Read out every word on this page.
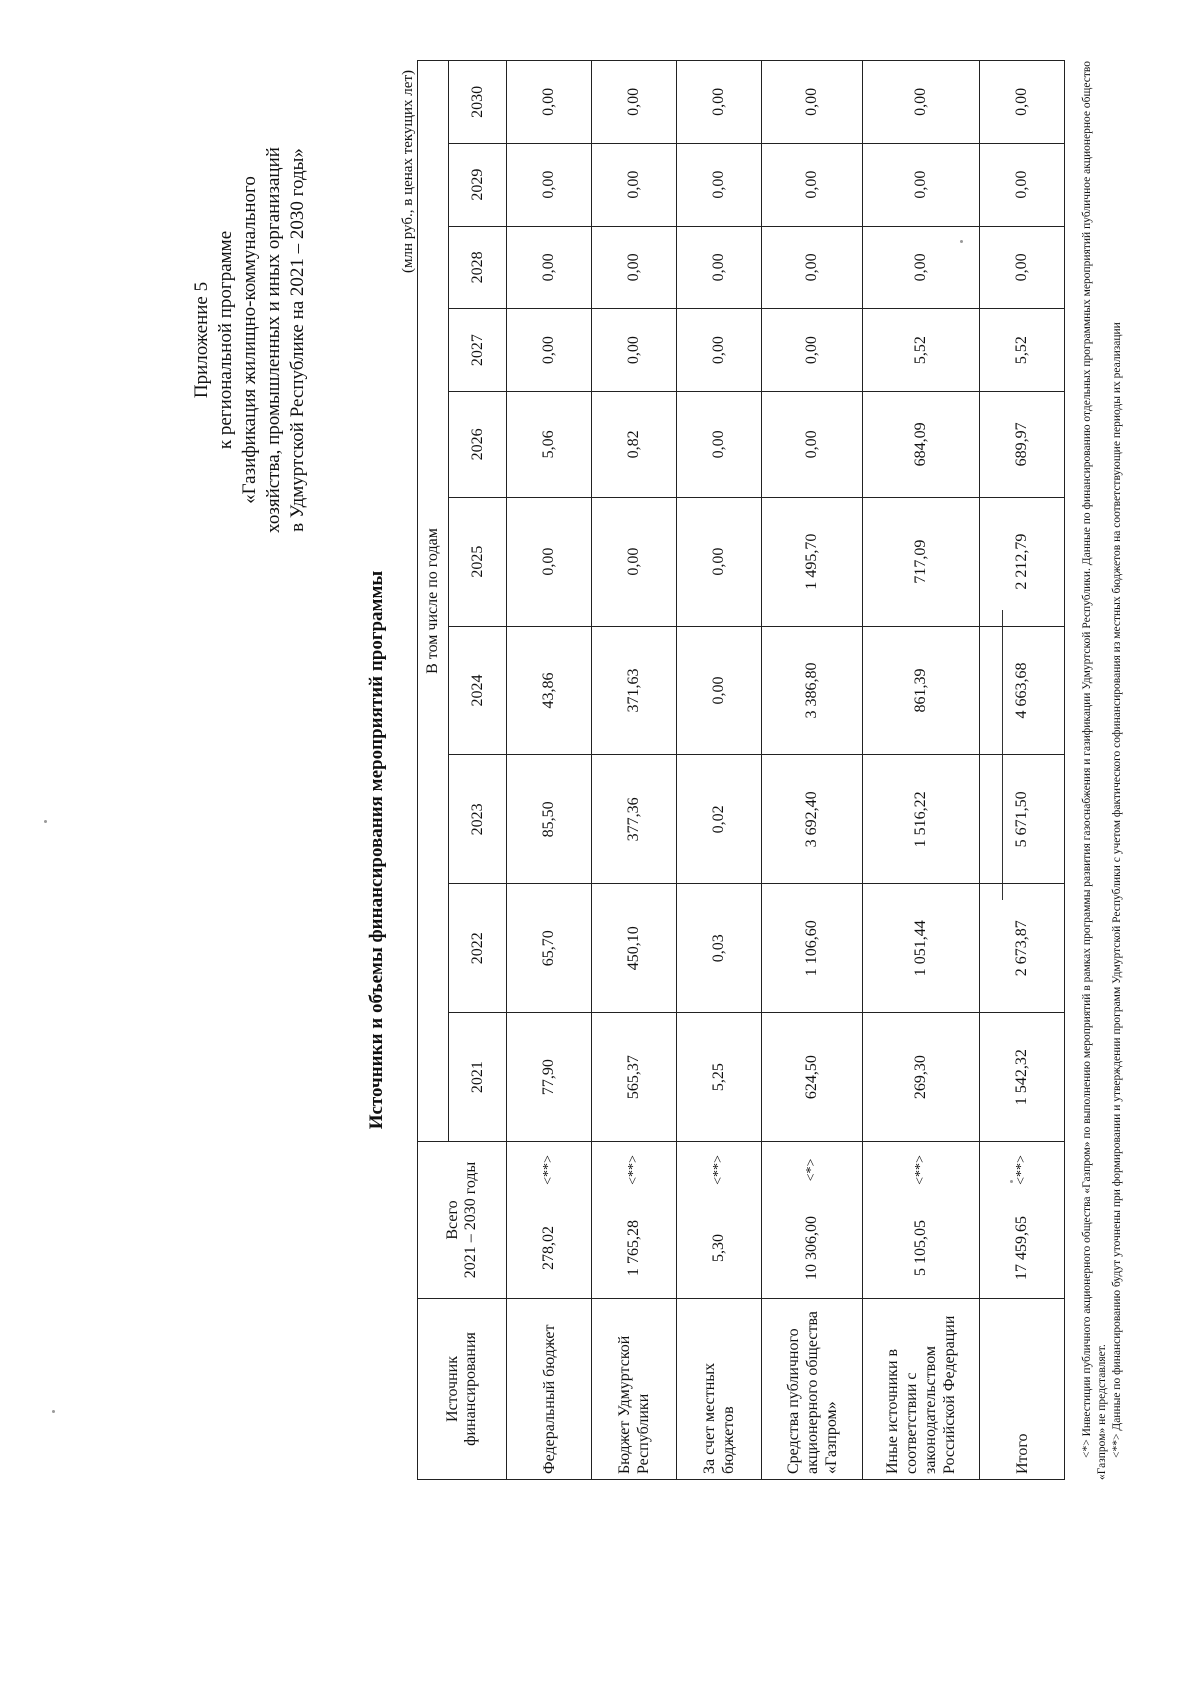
Приложение 5 к региональной программе «Газификация жилищно-коммунального хозяйства, промышленных и иных организаций в Удмуртской Республике на 2021 – 2030 годы»
Источники и объемы финансирования мероприятий программы
(млн руб., в ценах текущих лет)
Источник финансирования	Всего 2021 – 2030 годы		В том числе по годам									
			2021	2022	2023	2024	2025	2026	2027	2028	2029	2030
Федеральный бюджет	278,02	<**>	77,90	65,70	85,50	43,86	0,00	5,06	0,00	0,00	0,00	0,00
Бюджет Удмуртской Республики	1 765,28	<**>	565,37	450,10	377,36	371,63	0,00	0,82	0,00	0,00	0,00	0,00
За счет местных бюджетов	5,30	<**>	5,25	0,03	0,02	0,00	0,00	0,00	0,00	0,00	0,00	0,00
Средства публичного акционерного общества «Газпром»	10 306,00	<*>	624,50	1 106,60	3 692,40	3 386,80	1 495,70	0,00	0,00	0,00	0,00	0,00
Иные источники в соответствии с законодательством Российской Федерации	5 105,05	<**>	269,30	1 051,44	1 516,22	861,39	717,09	684,09	5,52	0,00	0,00	0,00
Итого	17 459,65	<**>	1 542,32	2 673,87	5 671,50	4 663,68	2 212,79	689,97	5,52	0,00	0,00	0,00	<*> Инвестиции публичного акционерного общества «Газпром» по выполнению мероприятий в рамках программы развития газоснабжения и газификации Удмуртской Республики. Данные по финансированию отдельных программных мероприятий публичное акционерное общество «Газпром» не представляет. <**> Данные по финансированию будут уточнены при формировании и утверждении программ Удмуртской Республики с учетом фактического софинансирования из местных бюджетов на соответствующие периоды их реализации
